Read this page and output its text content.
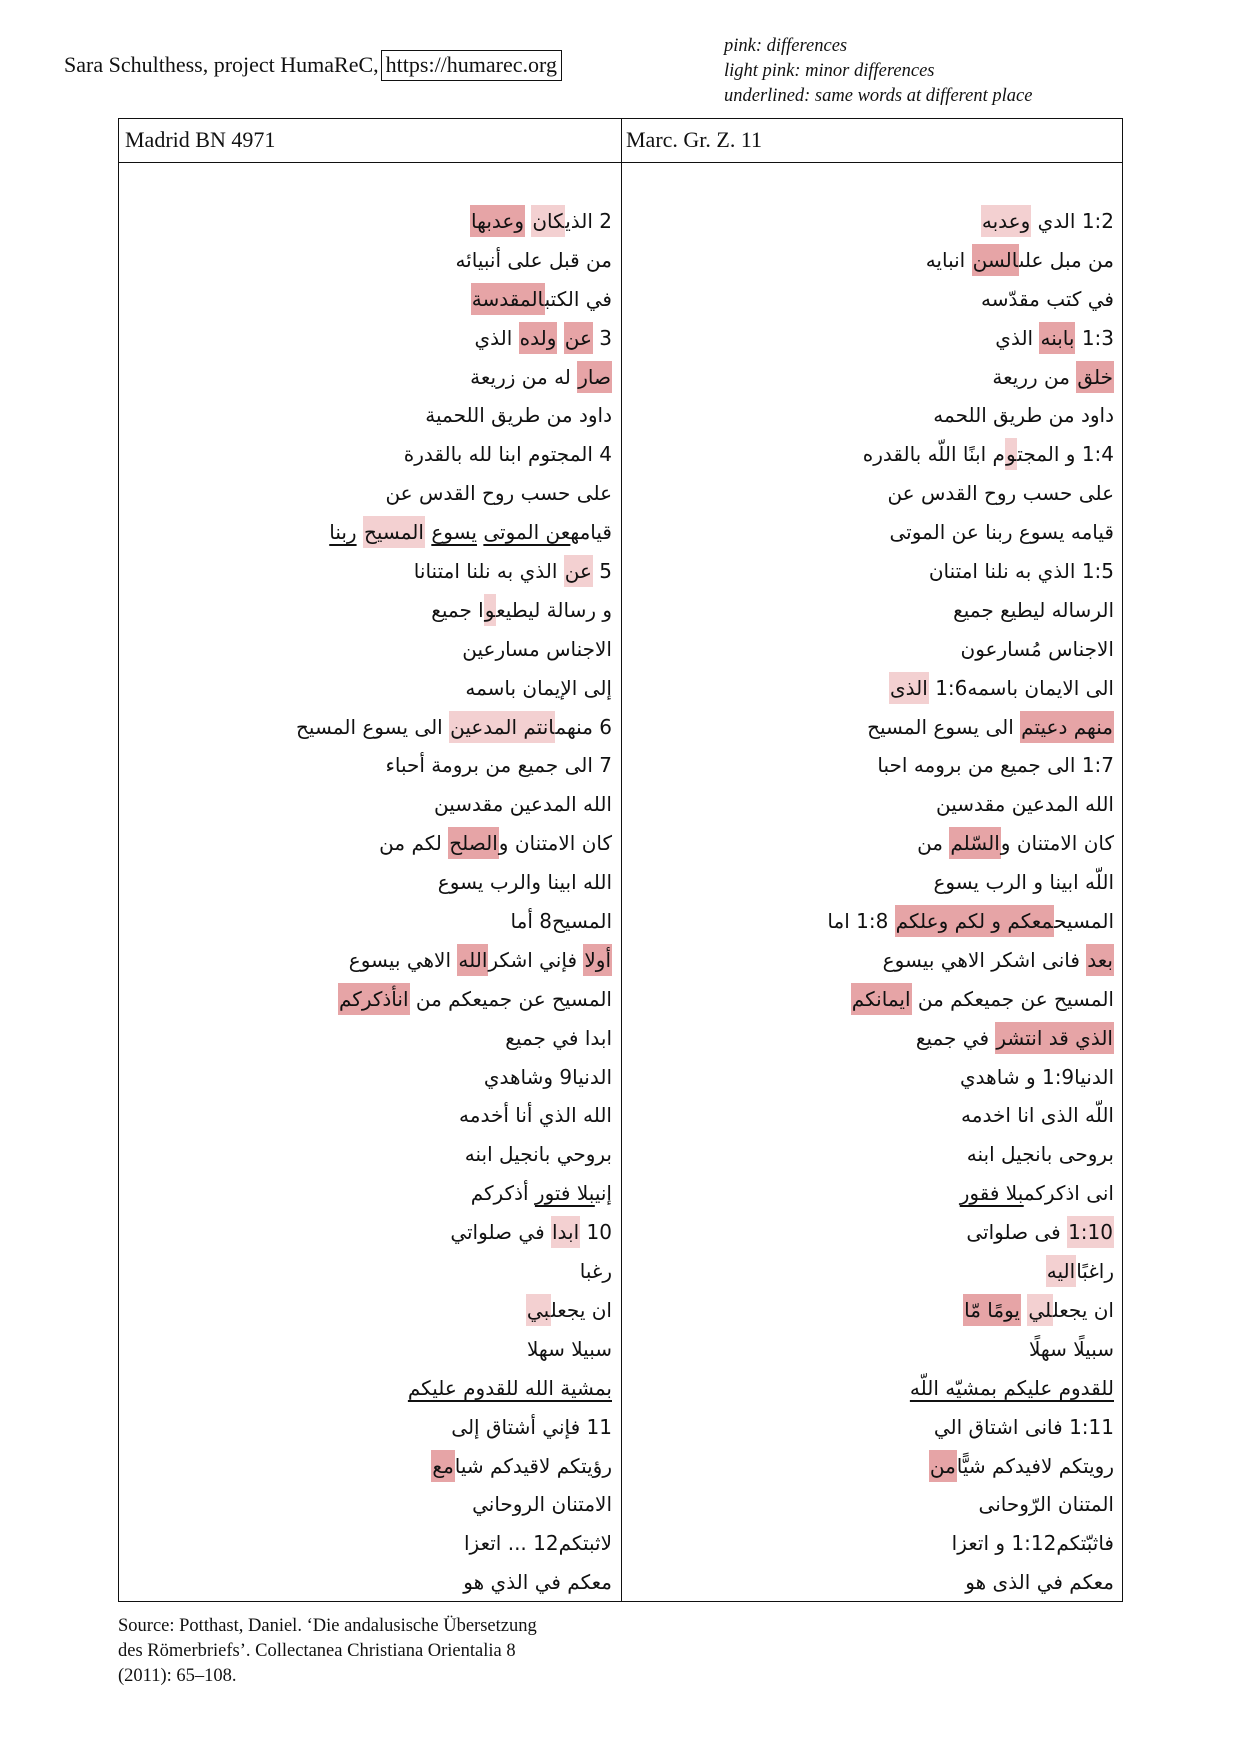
Sara Schulthess, project HumaReC, https://humarec.org
pink: differences
light pink: minor differences
underlined: same words at different place
Madrid BN 4971	Marc. Gr. Z. 11
2 الذيكان وعدبها
من قبل على أنبيائه
في الكتبالمقدسة
3 عن ولده الذي
صار له من زريعة
داود من طريق اللحمية
4 المجتوم ابنا لله بالقدرة
على حسب روح القدس عن
قيامهعن الموتى يسوع المسيح ربنا
5 عن الذي به نلنا امتنانا
و رسالة ليطيعوا جميع
الاجناس مسارعين
إلى الإيمان باسمه
6 منهمانتم المدعين الى يسوع المسيح
7 الى جميع من برومة أحباء
الله المدعين مقدسين
كان الامتنان والصلح لكم من
الله ابينا والرب يسوع
المسيح8 أما
أولا فإني اشكرالله الاهي بيسوع
المسيح عن جميعكم من انأذكركم
ابدا في جميع
الدنيا9 وشاهدي
الله الذي أنا أخدمه
بروحي بانجيل ابنه
إنيبلا فتور أذكركم
10 ابدا في صلواتي
رغبا
ان يجعلبي
سبيلا سهلا
بمشية الله للقدوم عليكم
11 فإني أشتاق إلى
رؤيتكم لاقيدكم شيامع
الامتنان الروحاني
لاثبتكم12 ... اتعزا
معكم في الذي هو
1:2 الدي وعدبه
من مبل علىالسن انبايه
في كتب مقدّسه
1:3 بابنه الذي
خلق من رريعة
داود من طريق اللحمه
1:4 و المجتوم ابنًا اللّه بالقدره
على حسب روح القدس عن
قيامه يسوع ربنا عن الموتى
1:5 الذي به نلنا امتنان
الرساله ليطيع جميع
الاجناس مُسارعون
الى الايمان باسمه1:6 الذى
منهم دعيتم الى يسوع المسيح
1:7 الى جميع من برومه احبا
الله المدعين مقدسين
كان الامتنان والسّلم من
اللّه ابينا و الرب يسوع
المسيحمعكم و لكم وعلكم 1:8 اما
بعد فانى اشكر الاهي بيسوع
المسيح عن جميعكم من ايمانكم
الذي قد انتشر في جميع
الدنيا1:9 و شاهدي
اللّه الذى انا اخدمه
بروحى بانجيل ابنه
انى اذكركمبلا فقور
1:10 فى صلواتى
راغبًااليه
ان يجعللي يومًا مّا
سبيلًا سهلًا
للقدوم عليكم بمشيّه اللّه
1:11 فانى اشتاق الي
رويتكم لافيدكم شيًّامن
المتنان الرّوحانى
فاثبّتكم1:12 و اتعزا
معكم في الذى هو
Source: Potthast, Daniel. ‘Die andalusische Übersetzung
des Römerbriefs’. Collectanea Christiana Orientalia 8
(2011): 65–108.
